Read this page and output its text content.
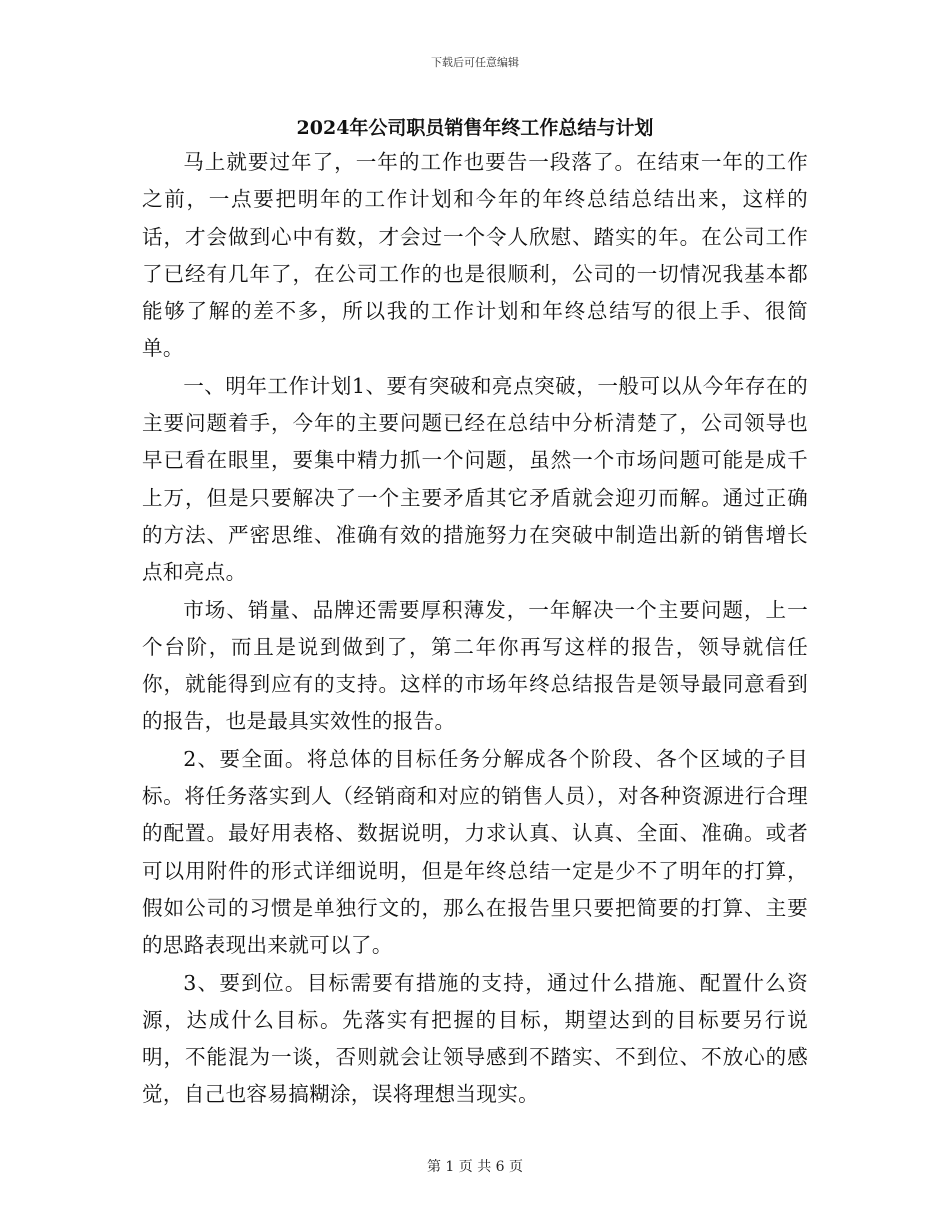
下载后可任意编辑
2024年公司职员销售年终工作总结与计划

马上就要过年了，一年的工作也要告一段落了。在结束一年的工作之前，一点要把明年的工作计划和今年的年终总结总结出来，这样的话，才会做到心中有数，才会过一个令人欣慰、踏实的年。在公司工作了已经有几年了，在公司工作的也是很顺利，公司的一切情况我基本都能够了解的差不多，所以我的工作计划和年终总结写的很上手、很简单。

一、明年工作计划1、要有突破和亮点突破，一般可以从今年存在的主要问题着手，今年的主要问题已经在总结中分析清楚了，公司领导也早已看在眼里，要集中精力抓一个问题，虽然一个市场问题可能是成千上万，但是只要解决了一个主要矛盾其它矛盾就会迎刃而解。通过正确的方法、严密思维、准确有效的措施努力在突破中制造出新的销售增长点和亮点。

市场、销量、品牌还需要厚积薄发，一年解决一个主要问题，上一个台阶，而且是说到做到了，第二年你再写这样的报告，领导就信任你，就能得到应有的支持。这样的市场年终总结报告是领导最同意看到的报告，也是最具实效性的报告。

2、要全面。将总体的目标任务分解成各个阶段、各个区域的子目标。将任务落实到人（经销商和对应的销售人员），对各种资源进行合理的配置。最好用表格、数据说明，力求认真、认真、全面、准确。或者可以用附件的形式详细说明，但是年终总结一定是少不了明年的打算，假如公司的习惯是单独行文的，那么在报告里只要把简要的打算、主要的思路表现出来就可以了。

3、要到位。目标需要有措施的支持，通过什么措施、配置什么资源，达成什么目标。先落实有把握的目标，期望达到的目标要另行说明，不能混为一谈，否则就会让领导感到不踏实、不到位、不放心的感觉，自己也容易搞糊涂，误将理想当现实。

第 1 页 共 6 页
